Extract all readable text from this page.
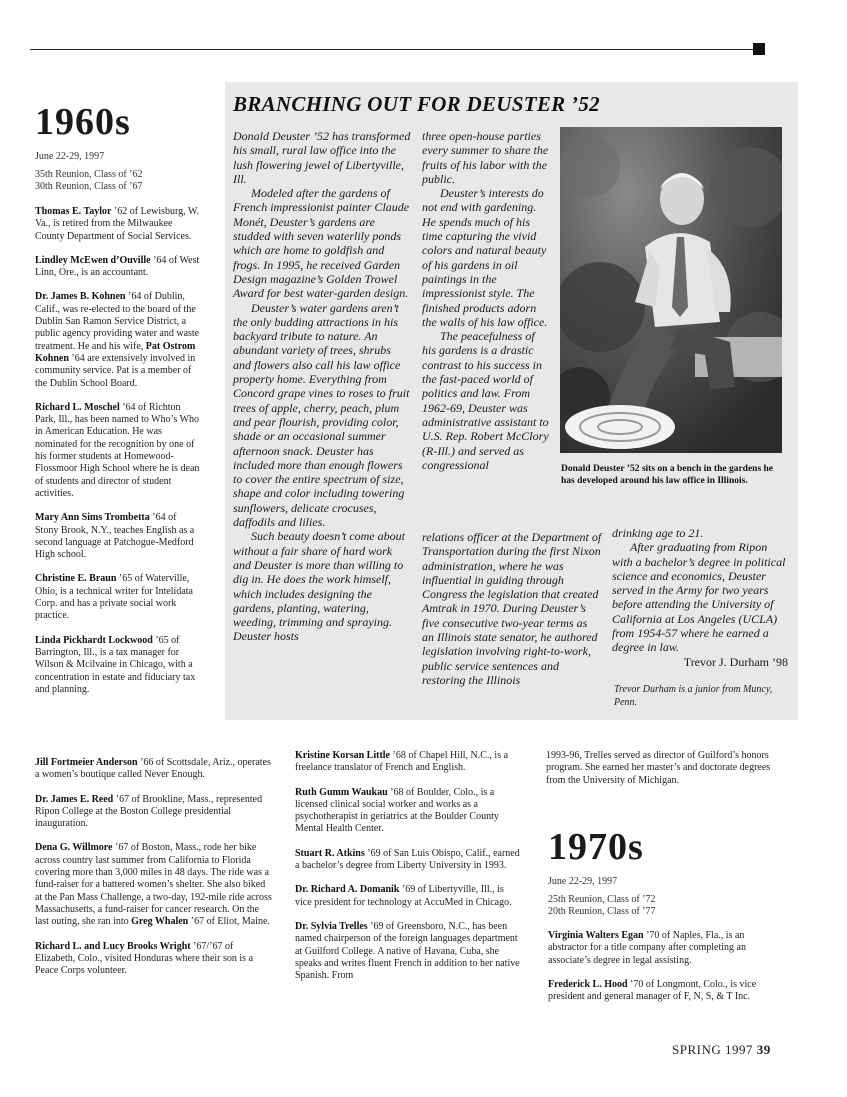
1960s
June 22-29, 1997
35th Reunion, Class of ’62
30th Reunion, Class of ’67
Thomas E. Taylor ’62 of Lewisburg, W. Va., is retired from the Milwaukee County Department of Social Services.
Lindley McEwen d’Ouville ’64 of West Linn, Ore., is an accountant.
Dr. James B. Kohnen ’64 of Dublin, Calif., was re-elected to the board of the Dublin San Ramon Service District, a public agency providing water and waste treatment. He and his wife, Pat Ostrom Kohnen ’64 are extensively involved in community service. Pat is a member of the Dublin School Board.
Richard L. Moschel ’64 of Richton Park, Ill., has been named to Who’s Who in American Education. He was nominated for the recognition by one of his former students at Homewood-Flossmoor High School where he is dean of students and director of student activities.
Mary Ann Sims Trombetta ’64 of Stony Brook, N.Y., teaches English as a second language at Patchogue-Medford High school.
Christine E. Braun ’65 of Waterville, Ohio, is a technical writer for Intelidata Corp. and has a private social work practice.
Linda Pickhardt Lockwood ’65 of Barrington, Ill., is a tax manager for Wilson & Mcilvaine in Chicago, with a concentration in estate and fiduciary tax and planning.
Jill Fortmeier Anderson ’66 of Scottsdale, Ariz., operates a women’s boutique called Never Enough.
Dr. James E. Reed ’67 of Brookline, Mass., represented Ripon College at the Boston College presidential inauguration.
Dena G. Willmore ’67 of Boston, Mass., rode her bike across country last summer from California to Florida covering more than 3,000 miles in 48 days. The ride was a fund-raiser for a battered women’s shelter. She also biked at the Pan Mass Challenge, a two-day, 192-mile ride across Massachusetts, a fund-raiser for cancer research. On the last outing, she ran into Greg Whalen ’67 of Eliot, Maine.
Richard L. and Lucy Brooks Wright ’67/’67 of Elizabeth, Colo., visited Honduras where their son is a Peace Corps volunteer.
BRANCHING OUT FOR DEUSTER ’52

Donald Deuster ’52 has transformed his small, rural law office into the lush flowering jewel of Libertyville, Ill.

Modeled after the gardens of French impressionist painter Claude Monét, Deuster’s gardens are studded with seven waterlily ponds which are home to goldfish and frogs. In 1995, he received Garden Design magazine’s Golden Trowel Award for best water-garden design.

Deuster’s water gardens aren’t the only budding attractions in his backyard tribute to nature. An abundant variety of trees, shrubs and flowers also call his law office property home. Everything from Concord grape vines to roses to fruit trees of apple, cherry, peach, plum and pear flourish, providing color, shade or an occasional summer afternoon snack. Deuster has included more than enough flowers to cover the entire spectrum of size, shape and color including towering sunflowers, delicate crocuses, daffodils and lilies.

Such beauty doesn’t come about without a fair share of hard work and Deuster is more than willing to dig in. He does the work himself, which includes designing the gardens, planting, watering, weeding, trimming and spraying. Deuster hosts

three open-house parties every summer to share the fruits of his labor with the public.

Deuster’s interests do not end with gardening. He spends much of his time capturing the vivid colors and natural beauty of his gardens in oil paintings in the impressionist style. The finished products adorn the walls of his law office.

The peacefulness of his gardens is a drastic contrast to his success in the fast-paced world of politics and law. From 1962-69, Deuster was administrative assistant to U.S. Rep. Robert McClory (R-Ill.) and served as congressional

relations officer at the Department of Transportation during the first Nixon administration, where he was influential in guiding through Congress the legislation that created Amtrak in 1970. During Deuster’s five consecutive two-year terms as an Illinois state senator, he authored legislation involving right-to-work, public service sentences and restoring the Illinois

drinking age to 21.

After graduating from Ripon with a bachelor’s degree in political science and economics, Deuster served in the Army for two years before attending the University of California at Los Angeles (UCLA) from 1954-57 where he earned a degree in law.

Trevor J. Durham ’98

Trevor Durham is a junior from Muncy, Penn.
Donald Deuster ’52 sits on a bench in the gardens he has developed around his law office in Illinois.
Kristine Korsan Little ’68 of Chapel Hill, N.C., is a freelance translator of French and English.
Ruth Gumm Waukau ’68 of Boulder, Colo., is a licensed clinical social worker and works as a psychotherapist in geriatrics at the Boulder County Mental Health Center.
Stuart R. Atkins ’69 of San Luis Obispo, Calif., earned a bachelor’s degree from Liberty University in 1993.
Dr. Richard A. Domanik ’69 of Libertyville, Ill., is vice president for technology at AccuMed in Chicago.
Dr. Sylvia Trelles ’69 of Greensboro, N.C., has been named chairperson of the foreign languages department at Guilford College. A native of Havana, Cuba, she speaks and writes fluent French in addition to her native Spanish. From
1993-96, Trelles served as director of Guilford’s honors program. She earned her master’s and doctorate degrees from the University of Michigan.
1970s
June 22-29, 1997
25th Reunion, Class of ’72
20th Reunion, Class of ’77
Virginia Walters Egan ’70 of Naples, Fla., is an abstractor for a title company after completing an associate’s degree in legal assisting.
Frederick L. Hood ’70 of Longmont, Colo., is vice president and general manager of F, N, S, & T Inc.
SPRING 1997 39
